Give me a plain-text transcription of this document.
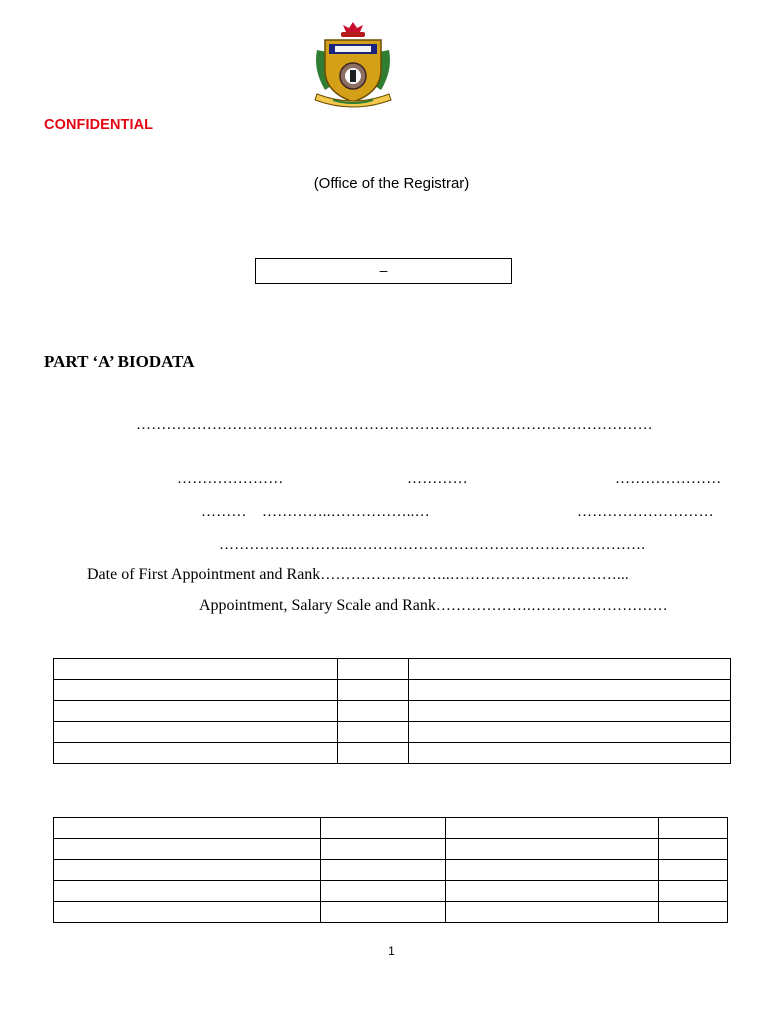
CONFIDENTIAL
(Office of the Registrar)
–
PART ‘A’ BIODATA
…………………………………………………………………………………………
…………………	…………	…………………
……… …………..……………..…	………………………
……………………...………………………………………………….
Date of First Appointment and Rank……………………..……………………………...
Appointment, Salary Scale and Rank……………….………………………

1
